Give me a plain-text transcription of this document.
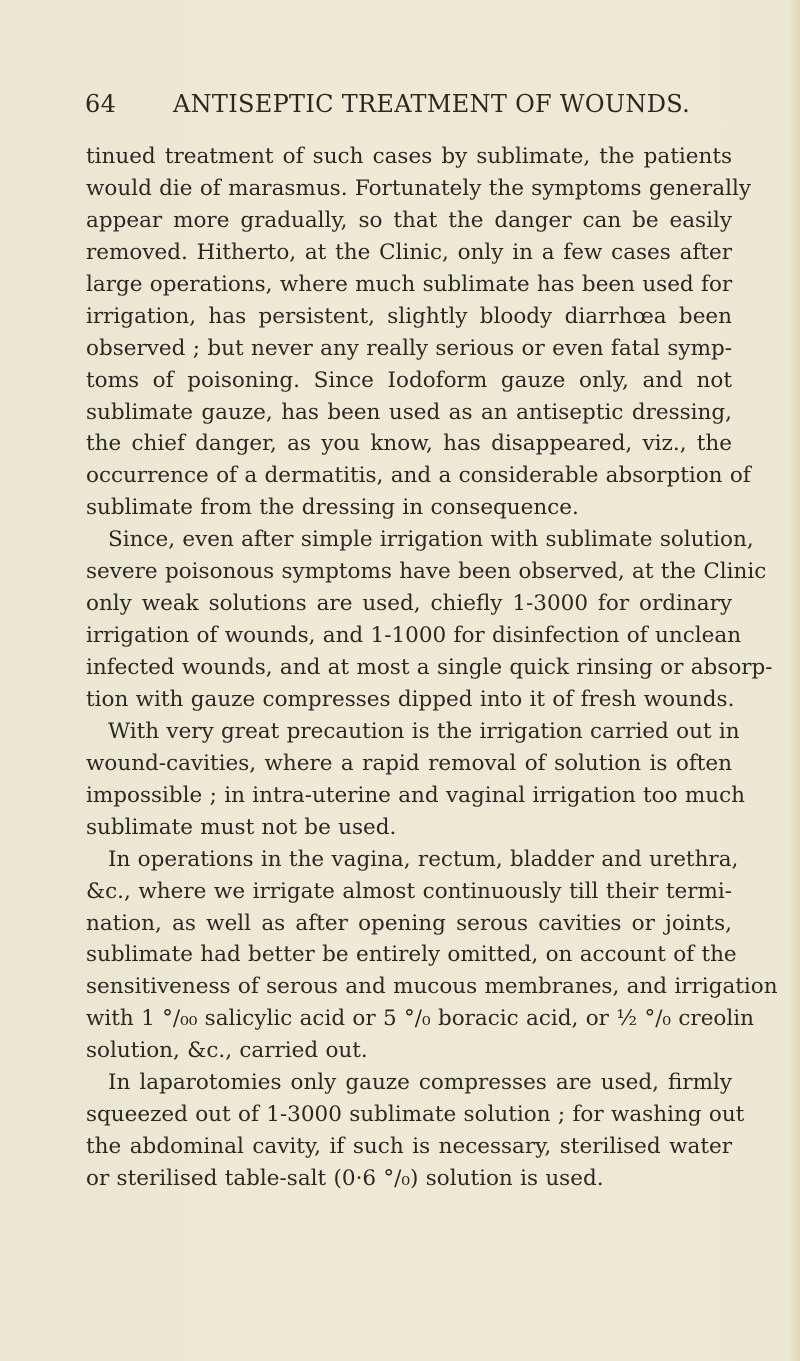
64 ANTISEPTIC TREATMENT OF WOUNDS.
tinued treatment of such cases by sublimate, the patients
would die of marasmus. Fortunately the symptoms generally
appear more gradually, so that the danger can be easily
removed. Hitherto, at the Clinic, only in a few cases after
large operations, where much sublimate has been used for
irrigation, has persistent, slightly bloody diarrhœa been
observed ; but never any really serious or even fatal symp-
toms of poisoning. Since Iodoform gauze only, and not
sublimate gauze, has been used as an antiseptic dressing,
the chief danger, as you know, has disappeared, viz., the
occurrence of a dermatitis, and a considerable absorption of
sublimate from the dressing in consequence.
Since, even after simple irrigation with sublimate solution,
severe poisonous symptoms have been observed, at the Clinic
only weak solutions are used, chiefly 1-3000 for ordinary
irrigation of wounds, and 1-1000 for disinfection of unclean
infected wounds, and at most a single quick rinsing or absorp-
tion with gauze compresses dipped into it of fresh wounds.
With very great precaution is the irrigation carried out in
wound-cavities, where a rapid removal of solution is often
impossible ; in intra-uterine and vaginal irrigation too much
sublimate must not be used.
In operations in the vagina, rectum, bladder and urethra,
&c., where we irrigate almost continuously till their termi-
nation, as well as after opening serous cavities or joints,
sublimate had better be entirely omitted, on account of the
sensitiveness of serous and mucous membranes, and irrigation
with 1 °/₀₀ salicylic acid or 5 °/₀ boracic acid, or ½ °/₀ creolin
solution, &c., carried out.
In laparotomies only gauze compresses are used, firmly
squeezed out of 1-3000 sublimate solution ; for washing out
the abdominal cavity, if such is necessary, sterilised water
or sterilised table-salt (0·6 °/₀) solution is used.
